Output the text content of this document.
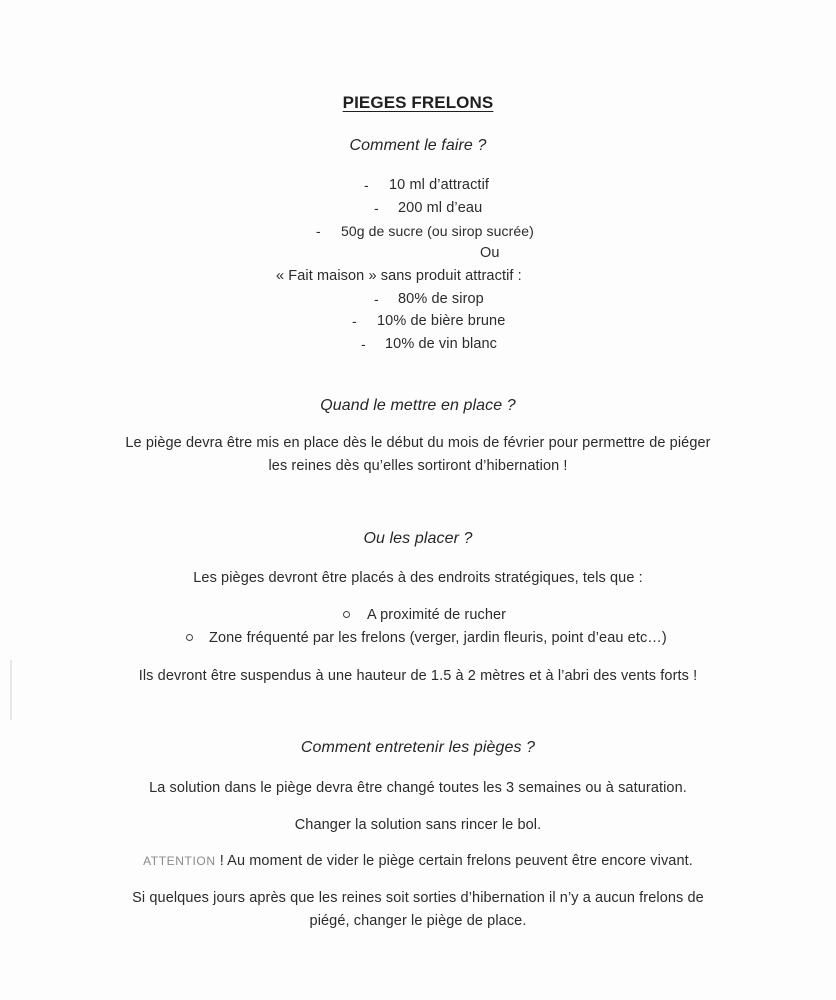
PIEGES FRELONS
Comment le faire ?
- 10 ml d’attractif
- 200 ml d’eau
- 50g de sucre (ou sirop sucrée)
Ou
« Fait maison » sans produit attractif :
- 80% de sirop
- 10% de bière brune
- 10% de vin blanc
Quand le mettre en place ?
Le piège devra être mis en place dès le début du mois de février pour permettre de piéger
les reines dès qu’elles sortiront d’hibernation !
Ou les placer ?
Les pièges devront être placés à des endroits stratégiques, tels que :
A proximité de rucher
Zone fréquenté par les frelons (verger, jardin fleuris, point d’eau etc…)
Ils devront être suspendus à une hauteur de 1.5 à 2 mètres et à l’abri des vents forts !
Comment entretenir les pièges ?
La solution dans le piège devra être changé toutes les 3 semaines ou à saturation.
Changer la solution sans rincer le bol.
ATTENTION ! Au moment de vider le piège certain frelons peuvent être encore vivant.
Si quelques jours après que les reines soit sorties d’hibernation il n’y a aucun frelons de
piégé, changer le piège de place.
